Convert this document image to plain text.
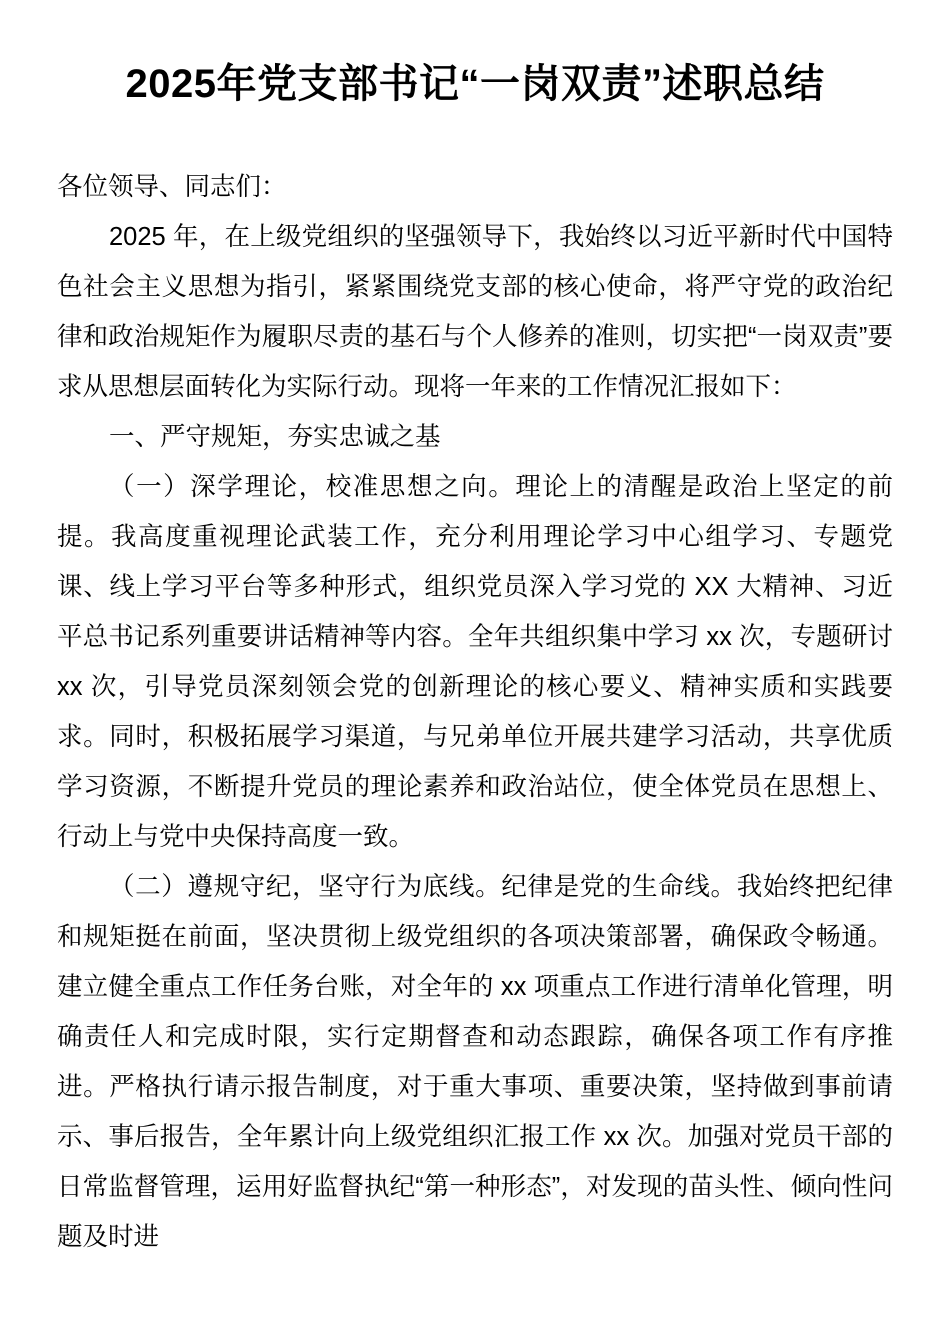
2025年党支部书记“一岗双责”述职总结

各位领导、同志们：

2025 年，在上级党组织的坚强领导下，我始终以习近平新时代中国特色社会主义思想为指引，紧紧围绕党支部的核心使命，将严守党的政治纪律和政治规矩作为履职尽责的基石与个人修养的准则，切实把“一岗双责”要求从思想层面转化为实际行动。现将一年来的工作情况汇报如下：

一、严守规矩，夯实忠诚之基

（一）深学理论，校准思想之向。理论上的清醒是政治上坚定的前提。我高度重视理论武装工作，充分利用理论学习中心组学习、专题党课、线上学习平台等多种形式，组织党员深入学习党的 XX 大精神、习近平总书记系列重要讲话精神等内容。全年共组织集中学习 xx 次，专题研讨 xx 次，引导党员深刻领会党的创新理论的核心要义、精神实质和实践要求。同时，积极拓展学习渠道，与兄弟单位开展共建学习活动，共享优质学习资源，不断提升党员的理论素养和政治站位，使全体党员在思想上、行动上与党中央保持高度一致。

（二）遵规守纪，坚守行为底线。纪律是党的生命线。我始终把纪律和规矩挺在前面，坚决贯彻上级党组织的各项决策部署，确保政令畅通。建立健全重点工作任务台账，对全年的 xx 项重点工作进行清单化管理，明确责任人和完成时限，实行定期督查和动态跟踪，确保各项工作有序推进。严格执行请示报告制度，对于重大事项、重要决策，坚持做到事前请示、事后报告，全年累计向上级党组织汇报工作 xx 次。加强对党员干部的日常监督管理，运用好监督执纪“第一种形态”，对发现的苗头性、倾向性问题及时进
